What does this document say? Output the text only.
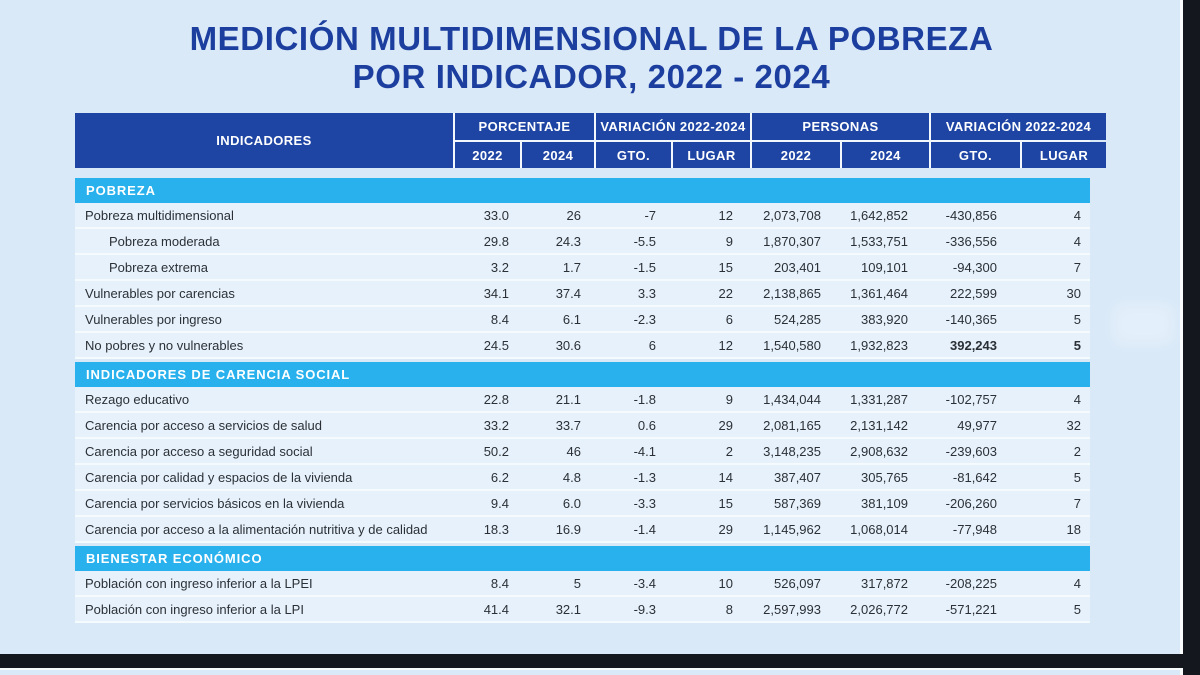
MEDICIÓN MULTIDIMENSIONAL DE LA POBREZA
POR INDICADOR, 2022 - 2024
INDICADORES
PORCENTAJE
2022	2024
VARIACIÓN 2022-2024
GTO.	LUGAR
PERSONAS
2022	2024
VARIACIÓN 2022-2024
GTO.	LUGAR
POBREZA
Pobreza multidimensional	33.0	26	-7	12	2,073,708	1,642,852	-430,856	4
Pobreza moderada	29.8	24.3	-5.5	9	1,870,307	1,533,751	-336,556	4
Pobreza extrema	3.2	1.7	-1.5	15	203,401	109,101	-94,300	7
Vulnerables por carencias	34.1	37.4	3.3	22	2,138,865	1,361,464	222,599	30
Vulnerables por ingreso	8.4	6.1	-2.3	6	524,285	383,920	-140,365	5
No pobres y no vulnerables	24.5	30.6	6	12	1,540,580	1,932,823	392,243	5
INDICADORES DE CARENCIA SOCIAL
Rezago educativo	22.8	21.1	-1.8	9	1,434,044	1,331,287	-102,757	4
Carencia por acceso a servicios de salud	33.2	33.7	0.6	29	2,081,165	2,131,142	49,977	32
Carencia por acceso a seguridad social	50.2	46	-4.1	2	3,148,235	2,908,632	-239,603	2
Carencia por calidad y espacios de la vivienda	6.2	4.8	-1.3	14	387,407	305,765	-81,642	5
Carencia por servicios básicos en la vivienda	9.4	6.0	-3.3	15	587,369	381,109	-206,260	7
Carencia por acceso a la alimentación nutritiva y de calidad	18.3	16.9	-1.4	29	1,145,962	1,068,014	-77,948	18
BIENESTAR ECONÓMICO
Población con ingreso inferior a la LPEI	8.4	5	-3.4	10	526,097	317,872	-208,225	4
Población con ingreso inferior a la LPI	41.4	32.1	-9.3	8	2,597,993	2,026,772	-571,221	5
